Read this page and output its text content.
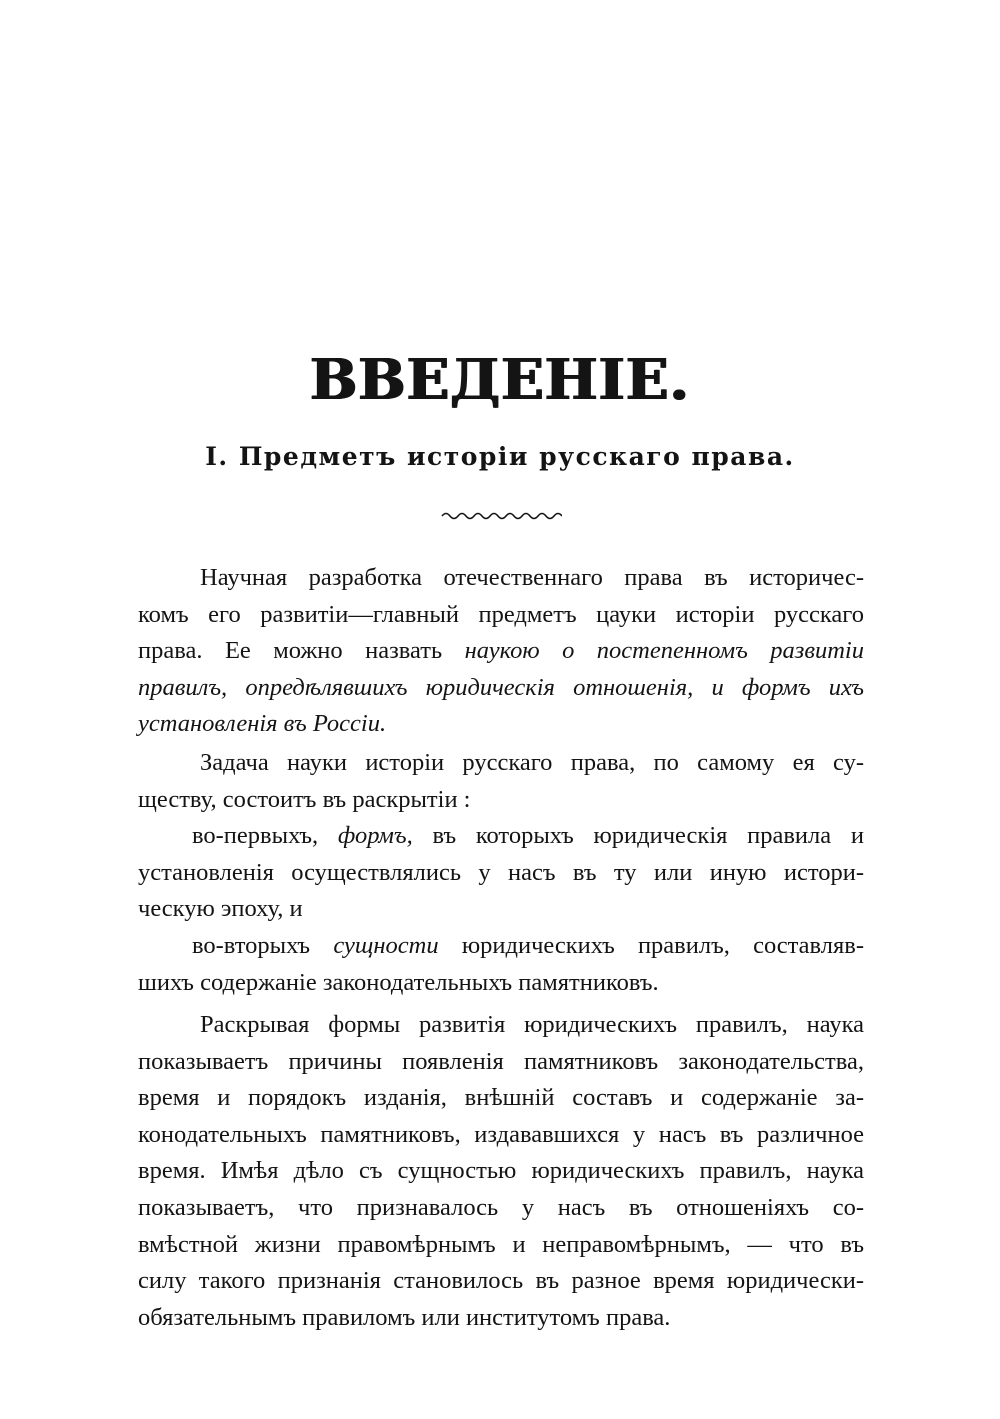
ВВЕДЕНIЕ.
I. Предметъ исторiи русскаго права.
Научная разработка отечественнаго права въ историчес-
комъ его развитiи—главный предметъ цауки исторiи русскаго
права. Ее можно назвать наукою о постепенномъ развитiи
правилъ, опредѣлявшихъ юридическiя отношенiя, и формъ ихъ
установленiя въ Россiи.
Задача науки исторiи русскаго права, по самому ея су-
ществу, состоитъ въ раскрытiи :
во-первыхъ, формъ, въ которыхъ юридическiя правила и
установленiя осуществлялись у насъ въ ту или иную истори-
ческую эпоху, и
во-вторыхъ сущности юридическихъ правилъ, составляв-
шихъ содержанiе законодательныхъ памятниковъ.
Раскрывая формы развитiя юридическихъ правилъ, наука
показываетъ причины появленiя памятниковъ законодательства,
время и порядокъ изданiя, внѣшнiй составъ и содержанiе за-
конодательныхъ памятниковъ, издававшихся у насъ въ различное
время. Имѣя дѣло съ сущностью юридическихъ правилъ, наука
показываетъ, что признавалось у насъ въ отношенiяхъ со-
вмѣстной жизни правомѣрнымъ и неправомѣрнымъ, — что въ
силу такого признанiя становилось въ разное время юридически-
обязательнымъ правиломъ или институтомъ права.
